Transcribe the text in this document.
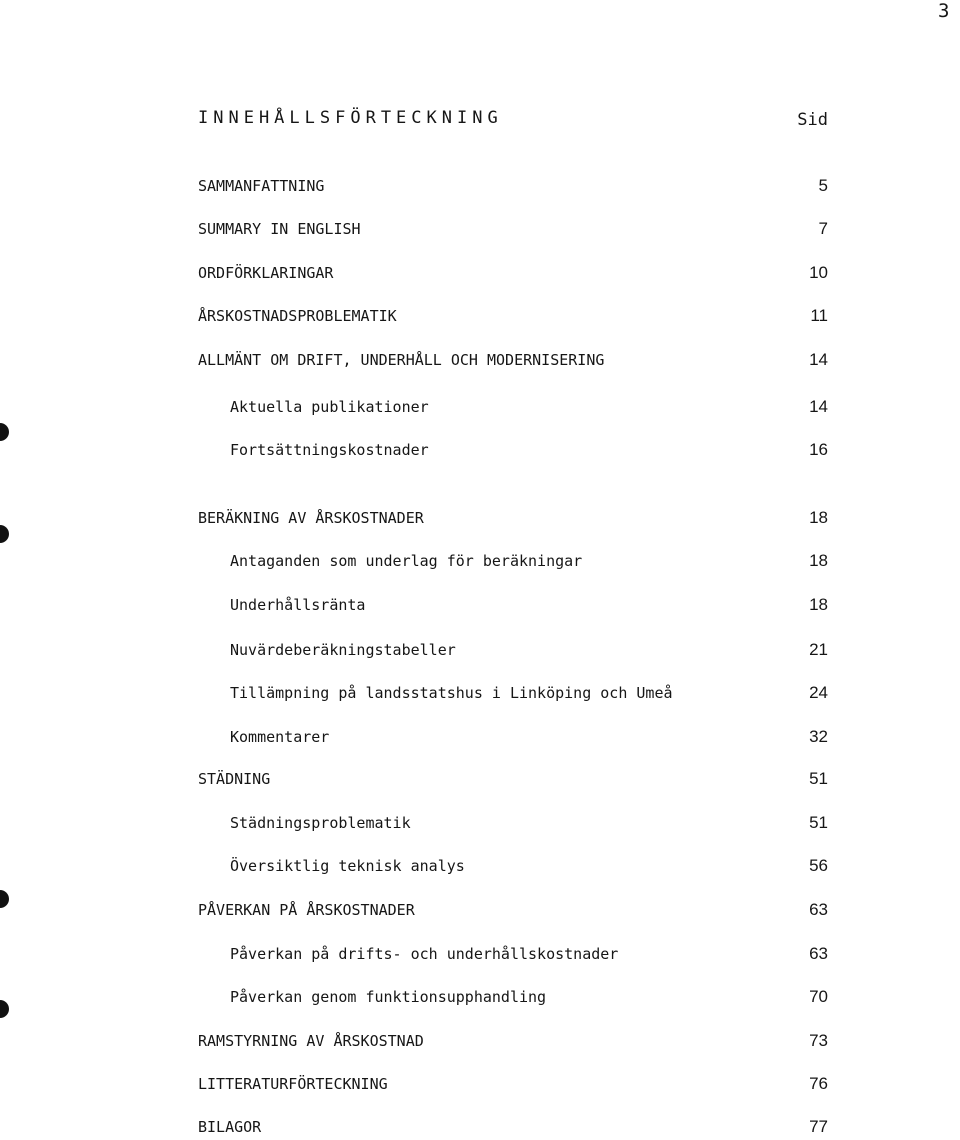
3
INNEHÅLLSFÖRTECKNING	Sid
SAMMANFATTNING	5
SUMMARY IN ENGLISH	7
ORDFÖRKLARINGAR	10
ÅRSKOSTNADSPROBLEMATIK	11
ALLMÄNT OM DRIFT, UNDERHÅLL OCH MODERNISERING	14
Aktuella publikationer	14
Fortsättningskostnader	16
BERÄKNING AV ÅRSKOSTNADER	18
Antaganden som underlag för beräkningar	18
Underhållsränta	18
Nuvärdeberäkningstabeller	21
Tillämpning på landsstatshus i Linköping och Umeå	24
Kommentarer	32
STÄDNING	51
Städningsproblematik	51
Översiktlig teknisk analys	56
PÅVERKAN PÅ ÅRSKOSTNADER	63
Påverkan på drifts- och underhållskostnader	63
Påverkan genom funktionsupphandling	70
RAMSTYRNING AV ÅRSKOSTNAD	73
LITTERATURFÖRTECKNING	76
BILAGOR	77
